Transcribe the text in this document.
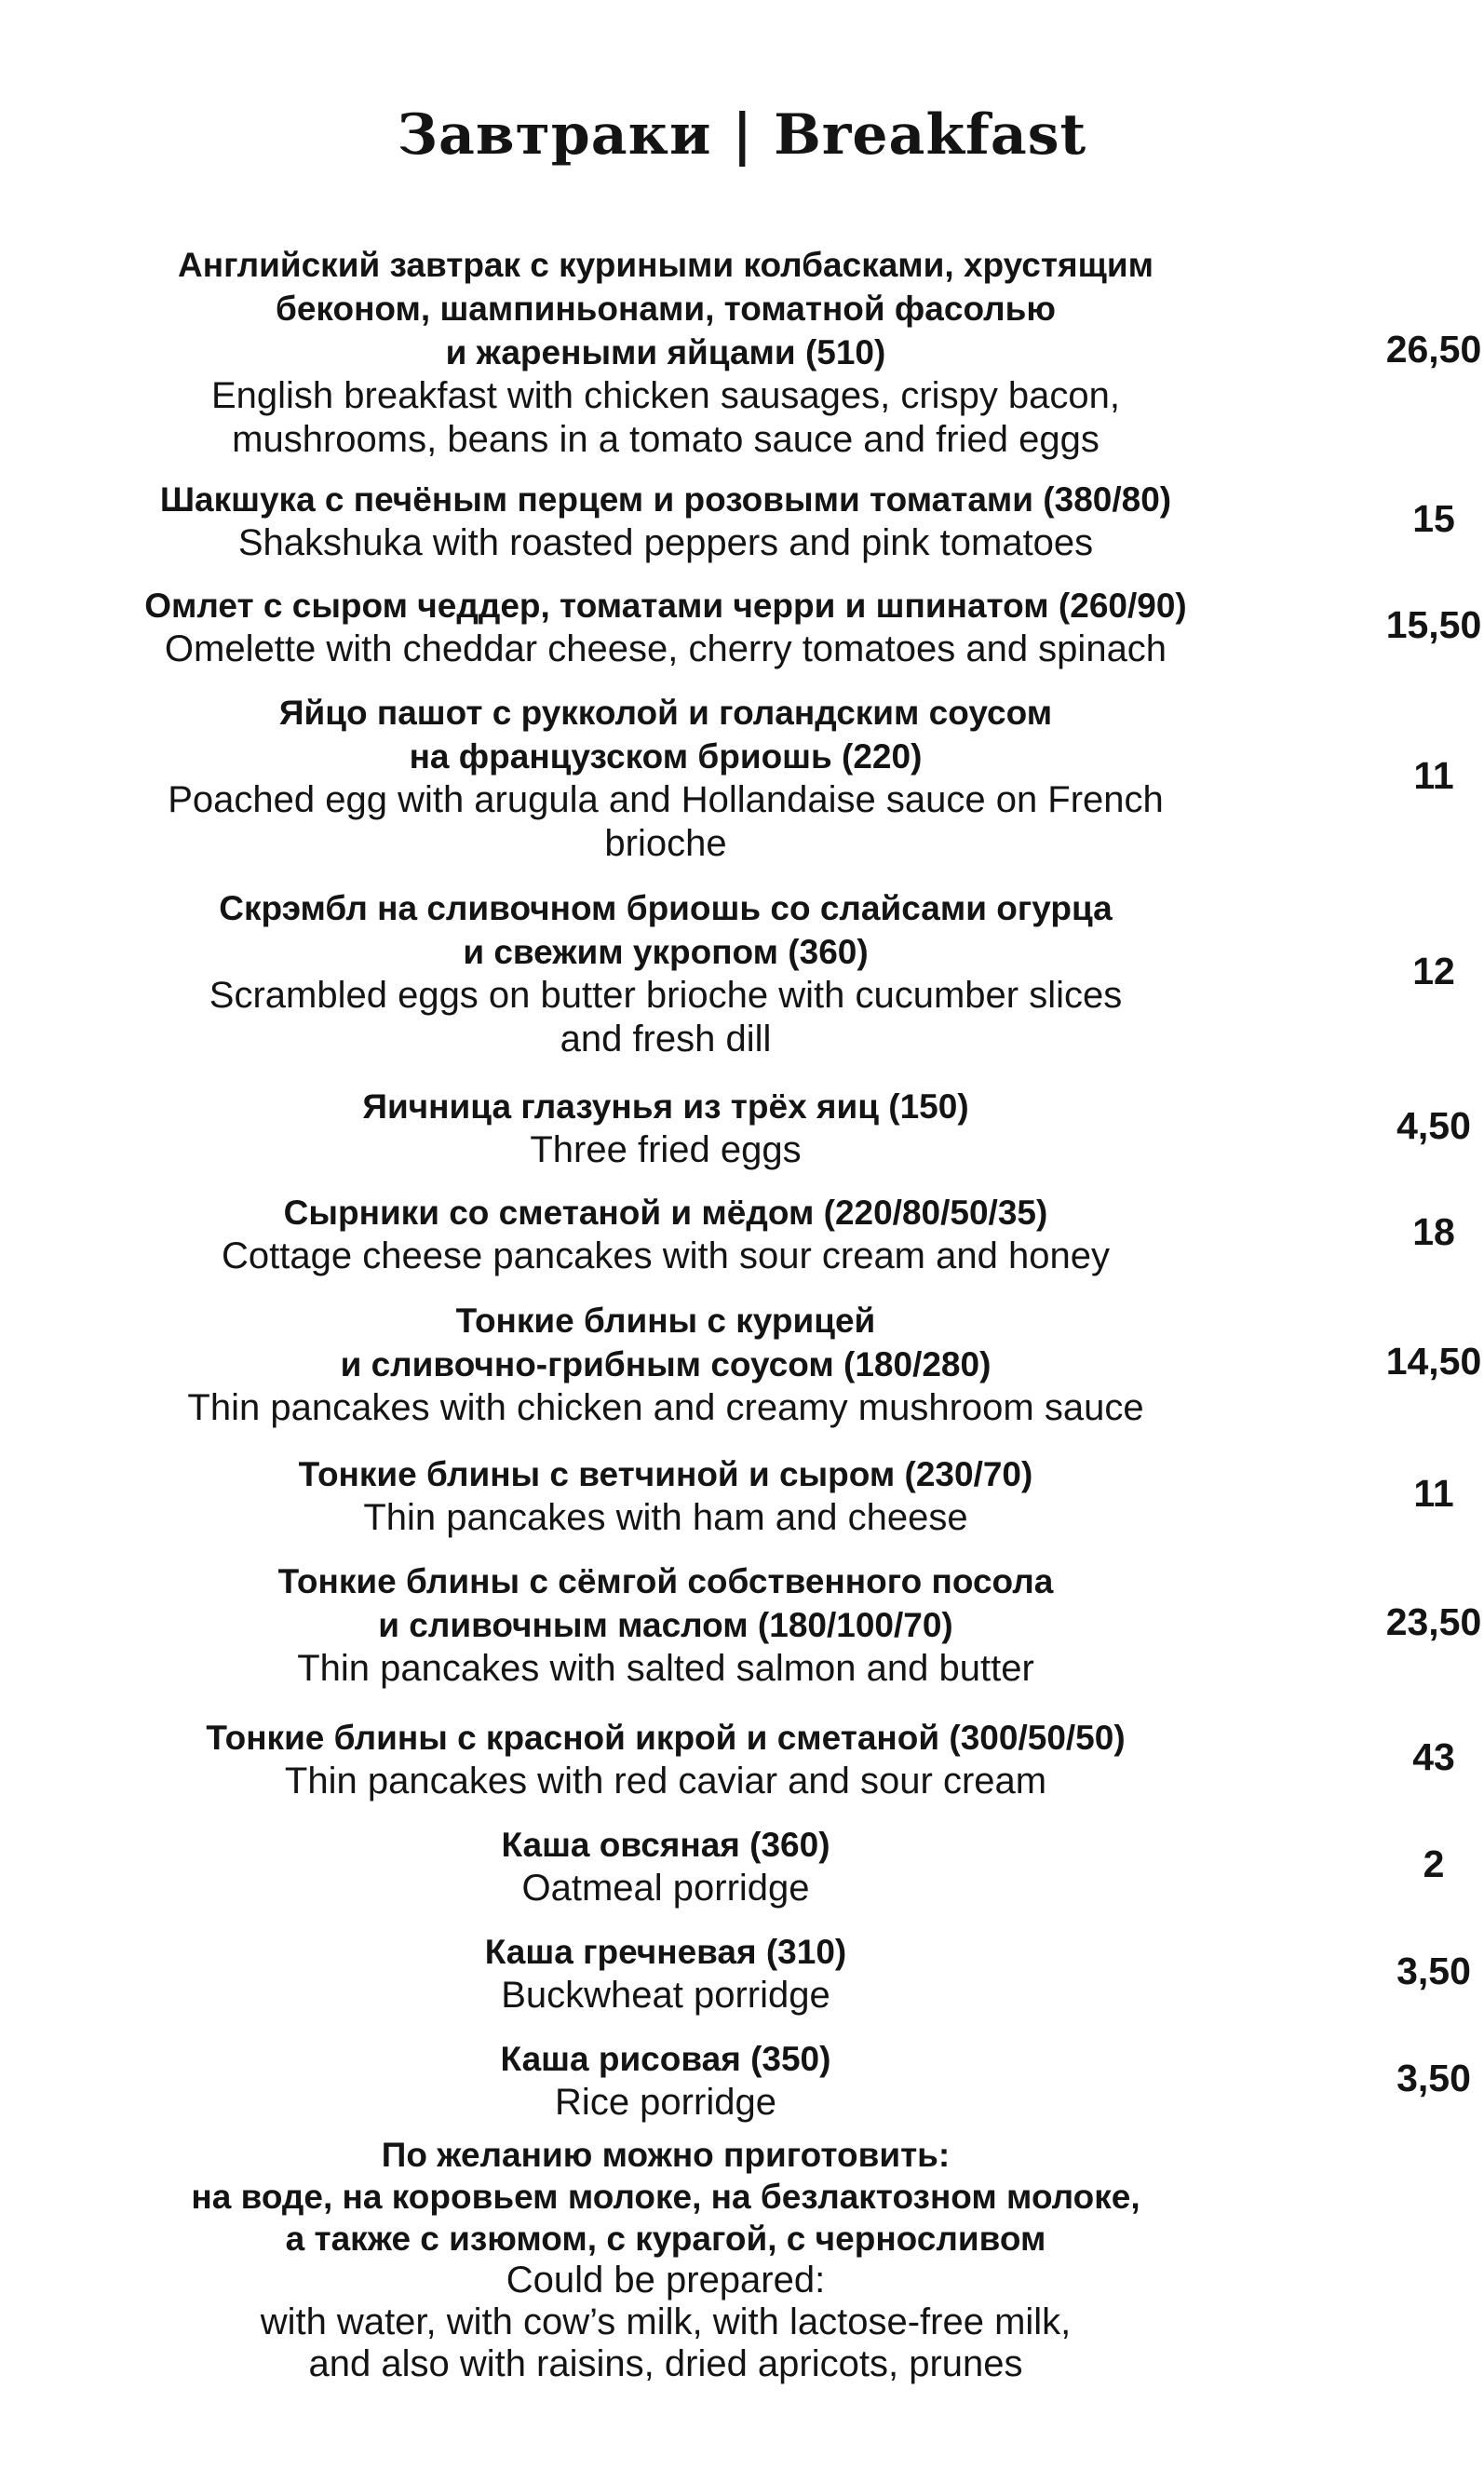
Завтраки | Breakfast
Английский завтрак с куриными колбасками, хрустящим
беконом, шампиньонами, томатной фасолью
и жареными яйцами (510)
English breakfast with chicken sausages, crispy bacon,
mushrooms, beans in a tomato sauce and fried eggs
26,50
Шакшука с печёным перцем и розовыми томатами (380/80)
Shakshuka with roasted peppers and pink tomatoes
15
Омлет с сыром чеддер, томатами черри и шпинатом (260/90)
Omelette with cheddar cheese, cherry tomatoes and spinach
15,50
Яйцо пашот с рукколой и голандским соусом
на французском бриошь (220)
Poached egg with arugula and Hollandaise sauce on French
brioche
11
Скрэмбл на сливочном бриошь со слайсами огурца
и свежим укропом (360)
Scrambled eggs on butter brioche with cucumber slices
and fresh dill
12
Яичница глазунья из трёх яиц (150)
Three fried eggs
4,50
Сырники со сметаной и мёдом (220/80/50/35)
Cottage cheese pancakes with sour cream and honey
18
Тонкие блины с курицей
и сливочно-грибным соусом (180/280)
Thin pancakes with chicken and creamy mushroom sauce
14,50
Тонкие блины с ветчиной и сыром (230/70)
Thin pancakes with ham and cheese
11
Тонкие блины с сёмгой собственного посола
и сливочным маслом (180/100/70)
Thin pancakes with salted salmon and butter
23,50
Тонкие блины с красной икрой и сметаной (300/50/50)
Thin pancakes with red caviar and sour cream
43
Каша овсяная (360)
Oatmeal porridge
2
Каша гречневая (310)
Buckwheat porridge
3,50
Каша рисовая (350)
Rice porridge
3,50
По желанию можно приготовить:
на воде, на коровьем молоке, на безлактозном молоке,
а также с изюмом, с курагой, с черносливом
Could be prepared:
with water, with cow’s milk, with lactose-free milk,
and also with raisins, dried apricots, prunes
